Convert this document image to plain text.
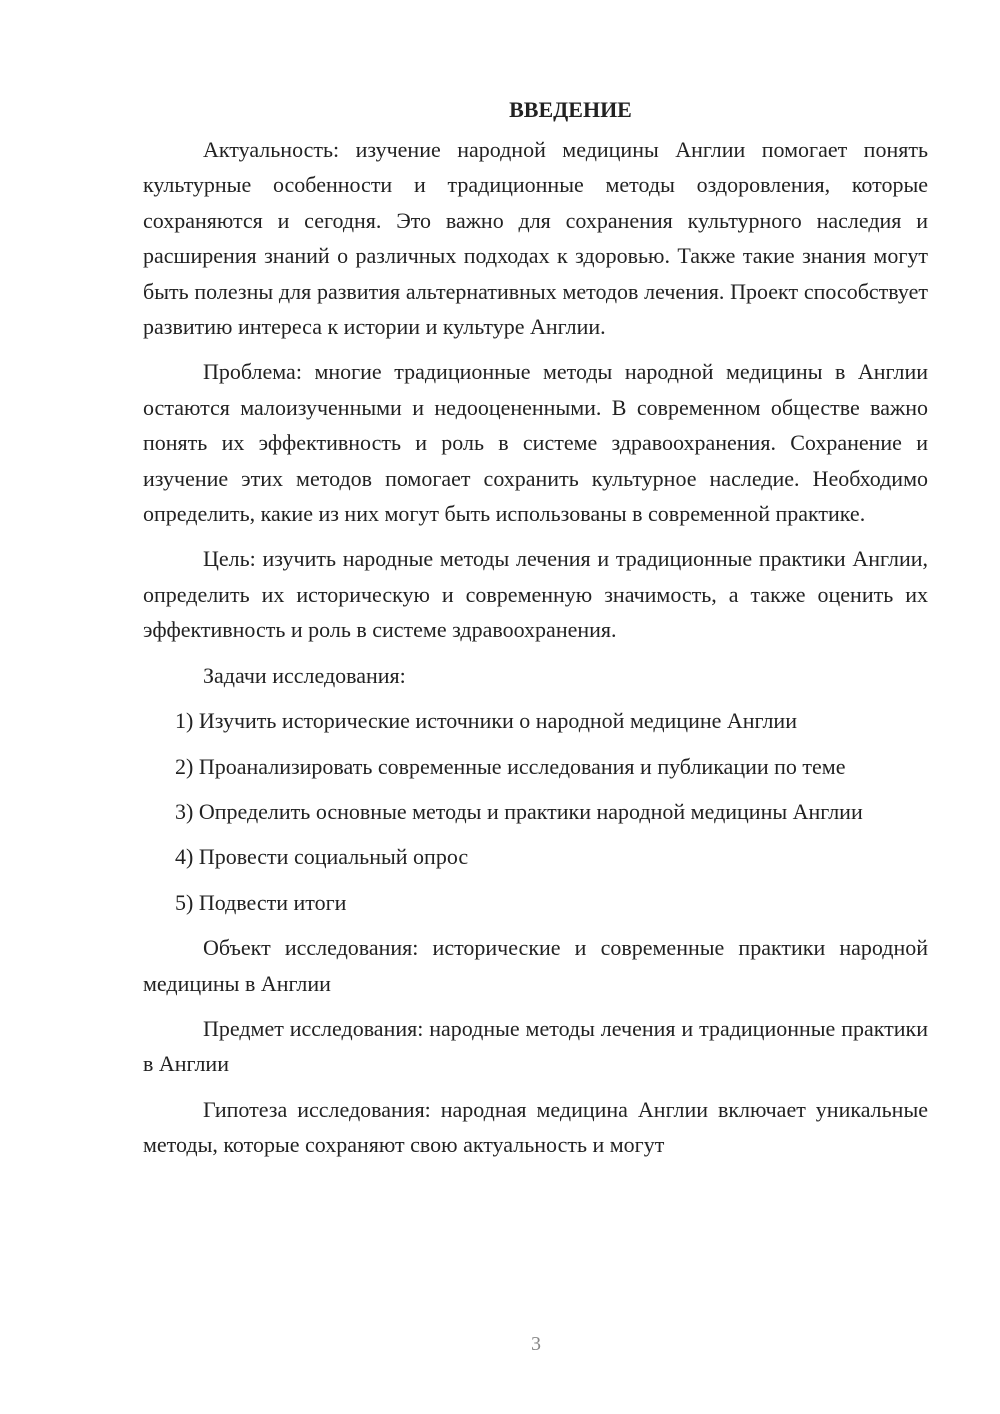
ВВЕДЕНИЕ

Актуальность: изучение народной медицины Англии помогает понять культурные особенности и традиционные методы оздоровления, которые сохраняются и сегодня. Это важно для сохранения культурного наследия и расширения знаний о различных подходах к здоровью. Также такие знания могут быть полезны для развития альтернативных методов лечения. Проект способствует развитию интереса к истории и культуре Англии.

Проблема: многие традиционные методы народной медицины в Англии остаются малоизученными и недооцененными. В современном обществе важно понять их эффективность и роль в системе здравоохранения. Сохранение и изучение этих методов помогает сохранить культурное наследие. Необходимо определить, какие из них могут быть использованы в современной практике.

Цель: изучить народные методы лечения и традиционные практики Англии, определить их историческую и современную значимость, а также оценить их эффективность и роль в системе здравоохранения.

Задачи исследования:

1) Изучить исторические источники о народной медицине Англии

2) Проанализировать современные исследования и публикации по теме

3) Определить основные методы и практики народной медицины Англии

4) Провести социальный опрос

5) Подвести итоги

Объект исследования: исторические и современные практики народной медицины в Англии

Предмет исследования: народные методы лечения и традиционные практики в Англии

Гипотеза исследования: народная медицина Англии включает уникальные методы, которые сохраняют свою актуальность и могут

3
